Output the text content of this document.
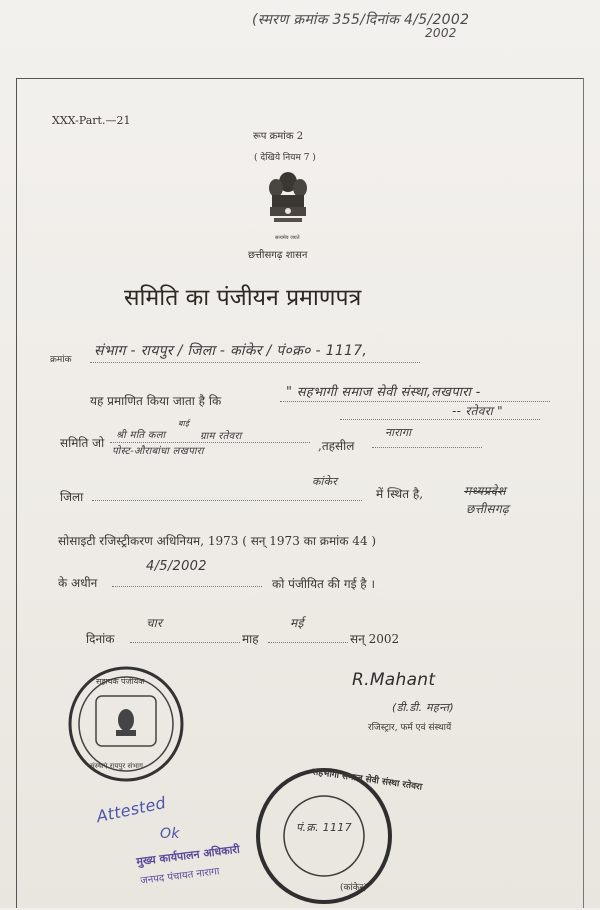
(स्मरण क्रमांक 355/दिनांक 4/5/2002
2002
XXX-Part.—21
रूप क्रमांक 2
( देखिये नियम 7 )
सत्यमेव जयते
छत्तीसगढ़ शासन
समिति का पंजीयन प्रमाणपत्र
क्रमांक
संभाग - रायपुर / जिला - कांकेर / पं०क्र० - 1117,
यह प्रमाणित किया जाता है कि
" सहभागी समाज सेवी संस्था,लखपारा -
-- रतेवरा "
समिति जो
श्री मति कला
बाई
ग्राम रतेवरा
पोस्ट-औराबांधा लखपारा	,तहसील
नारागा
जिला
कांकेर
में स्थित है,	मध्यप्रदेश
छत्तीसगढ़
सोसाइटी रजिस्ट्रीकरण अधिनियम, 1973 ( सन् 1973 का क्रमांक 44 )
के अधीन
4/5/2002
को पंजीयित की गई है ।
दिनांक
चार
माह
मई
सन् 2002
R.Mahant
(डी.डी. महन्त)
रजिस्ट्रार, फर्म एवं संस्थायें
सहायक पंजीयक
संस्थाएं रायपुर संभाग
Attested
Ok
मुख्य कार्यपालन अधिकारी
जनपद पंचायत नारागा
सहभागी समाज सेवी संस्था रतेवरा
पं.क्र. 1117
(कांकेर)
